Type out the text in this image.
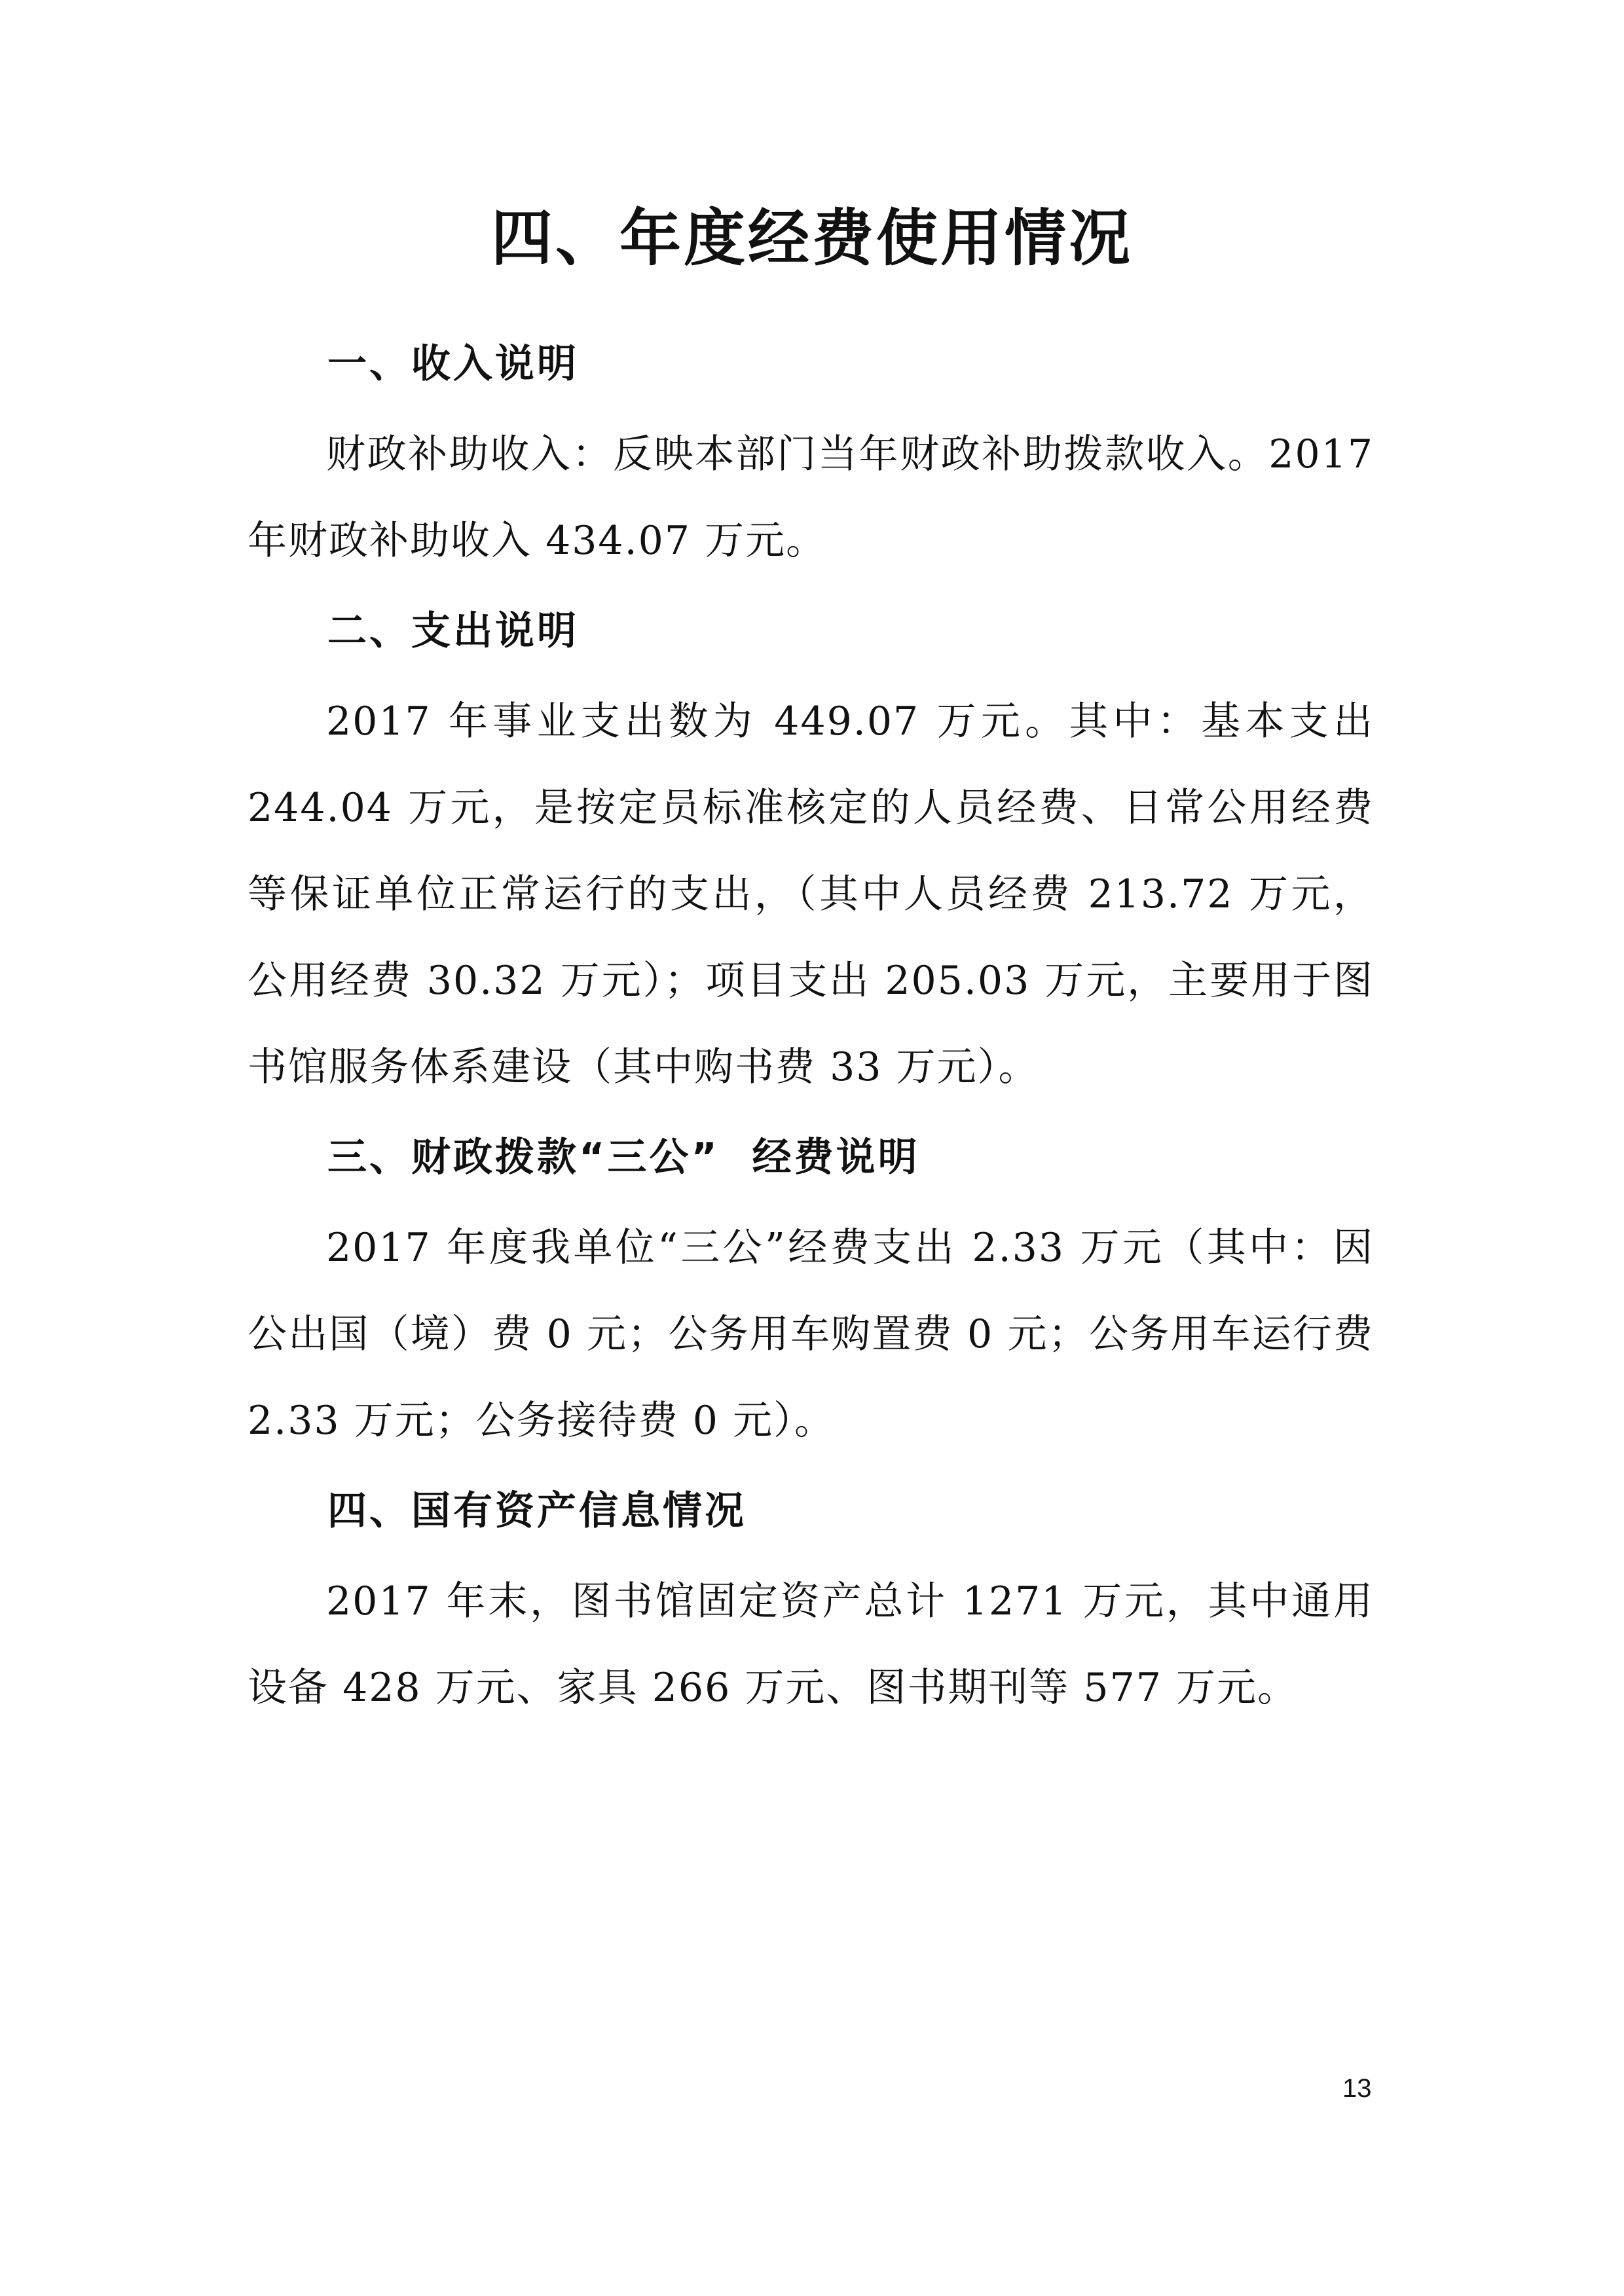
四、年度经费使用情况
一、收入说明

财政补助收入：反映本部门当年财政补助拨款收入。2017年财政补助收入 434.07 万元。

二、支出说明

2017 年事业支出数为 449.07 万元。其中：基本支出244.04 万元，是按定员标准核定的人员经费、日常公用经费等保证单位正常运行的支出，（其中人员经费 213.72 万元，公用经费 30.32 万元）；项目支出 205.03 万元，主要用于图书馆服务体系建设（其中购书费 33 万元）。

三、财政拨款“三公”  经费说明

2017 年度我单位“三公”经费支出 2.33 万元（其中：因公出国（境）费 0 元；公务用车购置费 0 元；公务用车运行费2.33 万元；公务接待费 0 元）。

四、国有资产信息情况

2017 年末，图书馆固定资产总计 1271 万元，其中通用设备 428 万元、家具 266 万元、图书期刊等 577 万元。

13
